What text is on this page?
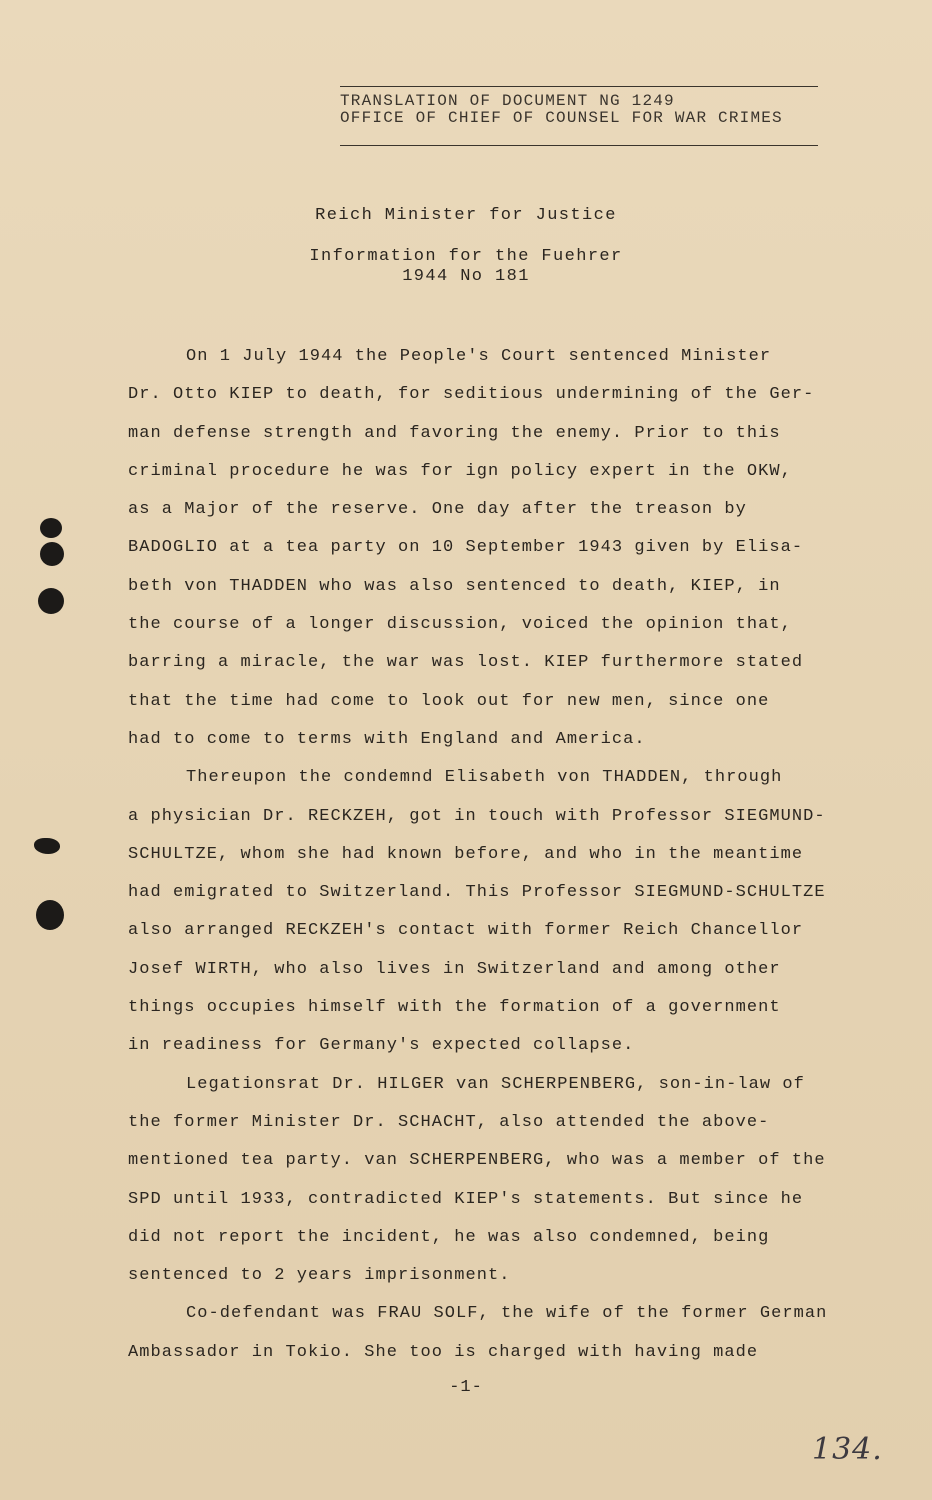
TRANSLATION OF DOCUMENT NG 1249
OFFICE OF CHIEF OF COUNSEL FOR WAR CRIMES
Reich Minister for Justice
Information for the Fuehrer
1944 No 181
On 1 July 1944 the People's Court sentenced Minister
Dr. Otto KIEP to death, for seditious undermining of the Ger-
man defense strength and favoring the enemy. Prior to this
criminal procedure he was for ign policy expert in the OKW,
as a Major of the reserve. One day after the treason by
BADOGLIO at a tea party on 10 September 1943 given by Elisa-
beth von THADDEN who was also sentenced to death, KIEP, in
the course of a longer discussion, voiced the opinion that,
barring a miracle, the war was lost. KIEP furthermore stated
that the time had come to look out for new men, since one
had to come to terms with England and America.
Thereupon the condemnd Elisabeth von THADDEN, through
a physician Dr. RECKZEH, got in touch with Professor SIEGMUND-
SCHULTZE, whom she had known before, and who in the meantime
had emigrated to Switzerland. This Professor SIEGMUND-SCHULTZE
also arranged RECKZEH's contact with former Reich Chancellor
Josef WIRTH, who also lives in Switzerland and among other
things occupies himself with the formation of a government
in readiness for Germany's expected collapse.
Legationsrat Dr. HILGER van SCHERPENBERG, son-in-law of
the former Minister Dr. SCHACHT, also attended the above-
mentioned tea party. van SCHERPENBERG, who was a member of the
SPD until 1933, contradicted KIEP's statements. But since he
did not report the incident, he was also condemned, being
sentenced to 2 years imprisonment.
Co-defendant was FRAU SOLF, the wife of the former German
Ambassador in Tokio. She too is charged with having made
-1-
134.
